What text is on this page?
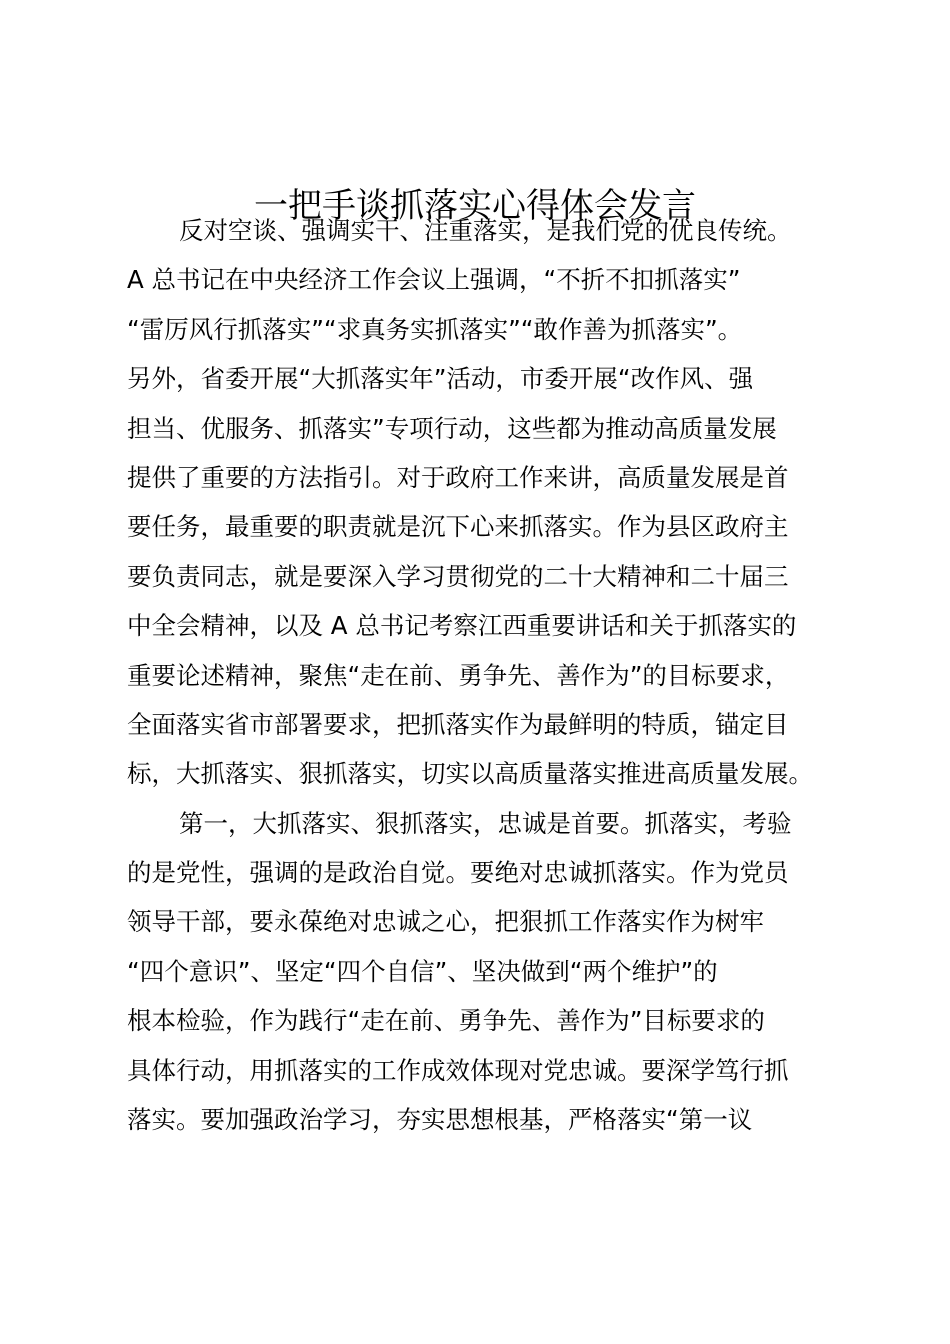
一把手谈抓落实心得体会发言
反对空谈、强调实干、注重落实，是我们党的优良传统。
A 总书记在中央经济工作会议上强调，“不折不扣抓落实”
“雷厉风行抓落实”“求真务实抓落实”“敢作善为抓落实”。
另外，省委开展“大抓落实年”活动，市委开展“改作风、强
担当、优服务、抓落实”专项行动，这些都为推动高质量发展
提供了重要的方法指引。对于政府工作来讲，高质量发展是首
要任务，最重要的职责就是沉下心来抓落实。作为县区政府主
要负责同志，就是要深入学习贯彻党的二十大精神和二十届三
中全会精神，以及 A 总书记考察江西重要讲话和关于抓落实的
重要论述精神，聚焦“走在前、勇争先、善作为”的目标要求，
全面落实省市部署要求，把抓落实作为最鲜明的特质，锚定目
标，大抓落实、狠抓落实，切实以高质量落实推进高质量发展。
第一，大抓落实、狠抓落实，忠诚是首要。抓落实，考验
的是党性，强调的是政治自觉。要绝对忠诚抓落实。作为党员
领导干部，要永葆绝对忠诚之心，把狠抓工作落实作为树牢
“四个意识”、坚定“四个自信”、坚决做到“两个维护”的
根本检验，作为践行“走在前、勇争先、善作为”目标要求的
具体行动，用抓落实的工作成效体现对党忠诚。要深学笃行抓
落实。要加强政治学习，夯实思想根基，严格落实“第一议
